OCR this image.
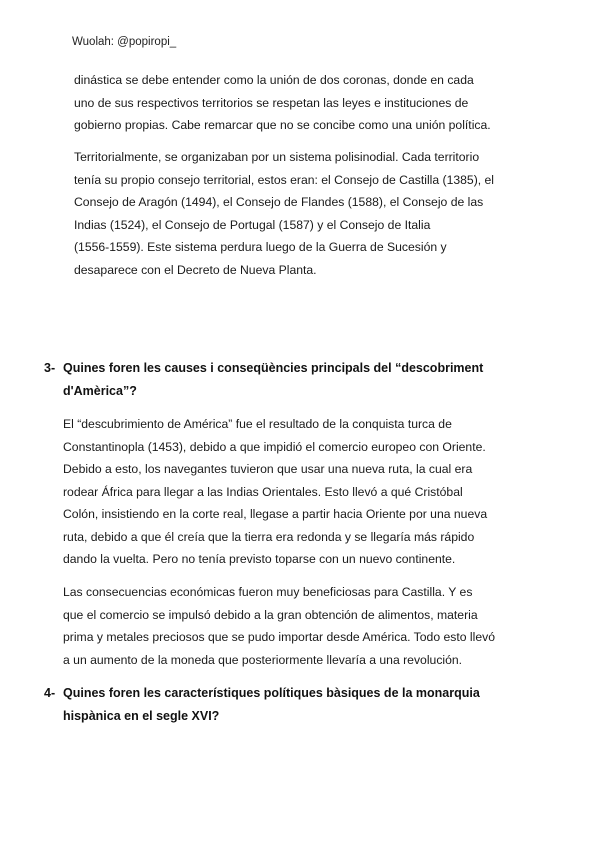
Wuolah: @popiropi_
dinástica se debe entender como la unión de dos coronas, donde en cada
uno de sus respectivos territorios se respetan las leyes e instituciones de
gobierno propias. Cabe remarcar que no se concibe como una unión política.
Territorialmente, se organizaban por un sistema polisinodial. Cada territorio
tenía su propio consejo territorial, estos eran: el Consejo de Castilla (1385), el
Consejo de Aragón (1494), el Consejo de Flandes (1588), el Consejo de las
Indias (1524), el Consejo de Portugal (1587) y el Consejo de Italia
(1556-1559). Este sistema perdura luego de la Guerra de Sucesión y
desaparece con el Decreto de Nueva Planta.
3- Quines foren les causes i conseqüències principals del “descobriment
d'Amèrica”?
El “descubrimiento de América” fue el resultado de la conquista turca de
Constantinopla (1453), debido a que impidió el comercio europeo con Oriente.
Debido a esto, los navegantes tuvieron que usar una nueva ruta, la cual era
rodear África para llegar a las Indias Orientales. Esto llevó a qué Cristóbal
Colón, insistiendo en la corte real, llegase a partir hacia Oriente por una nueva
ruta, debido a que él creía que la tierra era redonda y se llegaría más rápido
dando la vuelta. Pero no tenía previsto toparse con un nuevo continente.
Las consecuencias económicas fueron muy beneficiosas para Castilla. Y es
que el comercio se impulsó debido a la gran obtención de alimentos, materia
prima y metales preciosos que se pudo importar desde América. Todo esto llevó
a un aumento de la moneda que posteriormente llevaría a una revolución.
4- Quines foren les característiques polítiques bàsiques de la monarquia
hispànica en el segle XVI?
